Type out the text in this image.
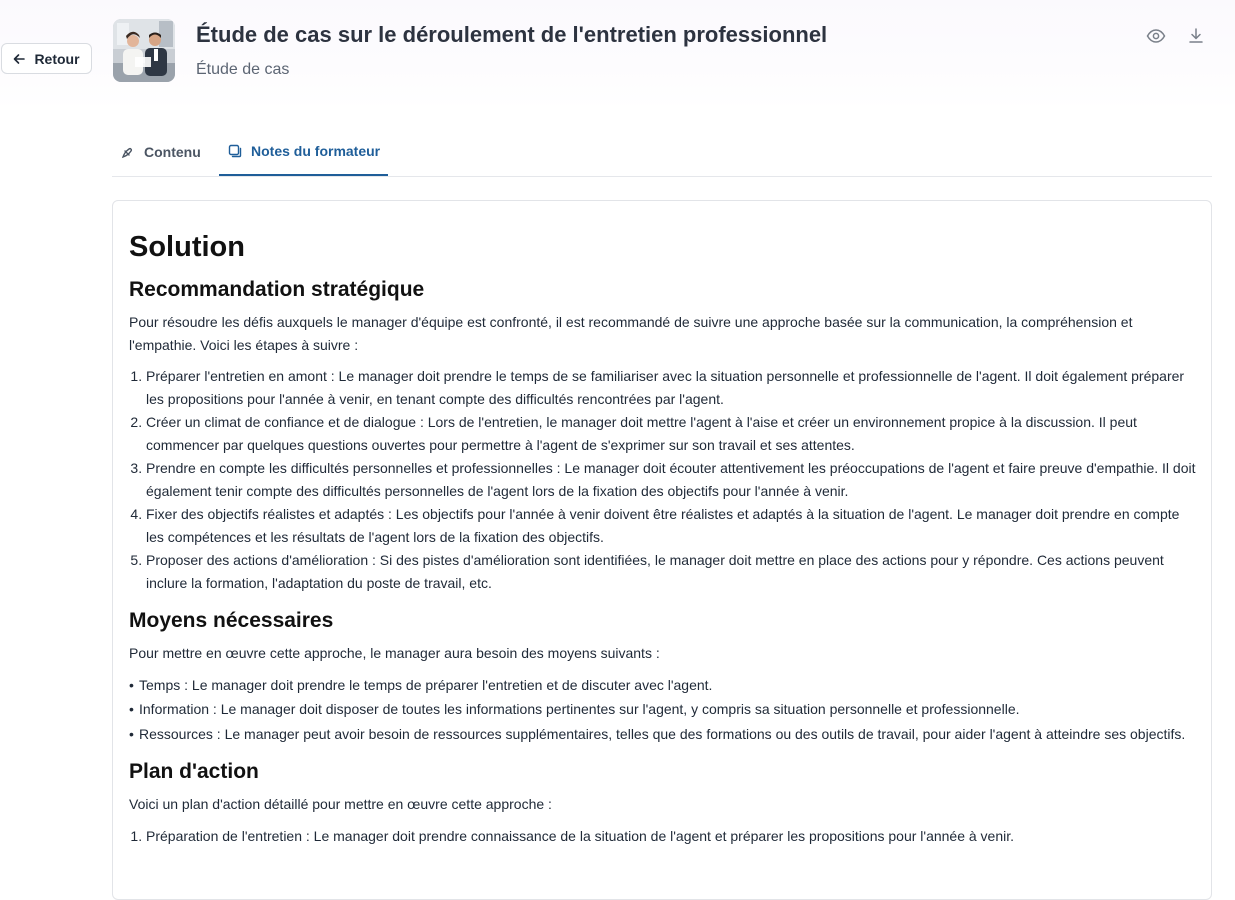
Retour
Étude de cas sur le déroulement de l'entretien professionnel
Étude de cas
Contenu	Notes du formateur
Solution
Recommandation stratégique

Pour résoudre les défis auxquels le manager d'équipe est confronté, il est recommandé de suivre une approche basée sur la communication, la compréhension et l'empathie. Voici les étapes à suivre :

1. Préparer l'entretien en amont : Le manager doit prendre le temps de se familiariser avec la situation personnelle et professionnelle de l'agent. Il doit également préparer les propositions pour l'année à venir, en tenant compte des difficultés rencontrées par l'agent.
2. Créer un climat de confiance et de dialogue : Lors de l'entretien, le manager doit mettre l'agent à l'aise et créer un environnement propice à la discussion. Il peut commencer par quelques questions ouvertes pour permettre à l'agent de s'exprimer sur son travail et ses attentes.
3. Prendre en compte les difficultés personnelles et professionnelles : Le manager doit écouter attentivement les préoccupations de l'agent et faire preuve d'empathie. Il doit également tenir compte des difficultés personnelles de l'agent lors de la fixation des objectifs pour l'année à venir.
4. Fixer des objectifs réalistes et adaptés : Les objectifs pour l'année à venir doivent être réalistes et adaptés à la situation de l'agent. Le manager doit prendre en compte les compétences et les résultats de l'agent lors de la fixation des objectifs.
5. Proposer des actions d'amélioration : Si des pistes d'amélioration sont identifiées, le manager doit mettre en place des actions pour y répondre. Ces actions peuvent inclure la formation, l'adaptation du poste de travail, etc.
Moyens nécessaires

Pour mettre en œuvre cette approche, le manager aura besoin des moyens suivants :

• Temps : Le manager doit prendre le temps de préparer l'entretien et de discuter avec l'agent.
• Information : Le manager doit disposer de toutes les informations pertinentes sur l'agent, y compris sa situation personnelle et professionnelle.
• Ressources : Le manager peut avoir besoin de ressources supplémentaires, telles que des formations ou des outils de travail, pour aider l'agent à atteindre ses objectifs.
Plan d'action

Voici un plan d'action détaillé pour mettre en œuvre cette approche :

1. Préparation de l'entretien : Le manager doit prendre connaissance de la situation de l'agent et préparer les propositions pour l'année à venir.
